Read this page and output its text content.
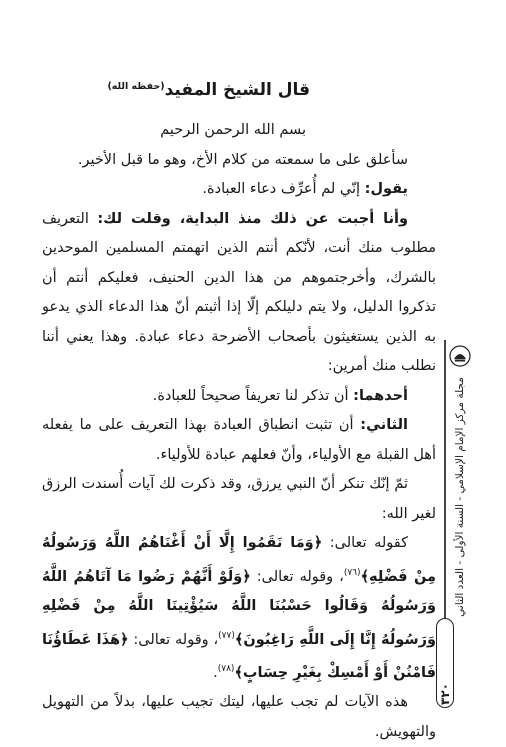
قال الشيخ المفيد$^{(حفظه الله)}$

بسم الله الرحمن الرحيم

سأعلق على ما سمعته من كلام الأخ، وهو ما قبل الأخير.

يقول: إنّي لم أُعرِّف دعاء العبادة.

وأنا أجبت عن ذلك منذ البداية، وقلت لك: التعريف مطلوب منك أنت، لأنّكم أنتم الذين اتهمتم المسلمين الموحدين بالشرك، وأخرجتموهم من هذا الدين الحنيف، فعليكم أنتم أن تذكروا الدليل، ولا يتم دليلكم إلّا إذا أثبتم أنّ هذا الدعاء الذي يدعو به الذين يستغيثون بأصحاب الأضرحة دعاء عبادة. وهذا يعني أننا نطلب منك أمرين:

أحدهما: أن تذكر لنا تعريفاً صحيحاً للعبادة.

الثاني: أن تثبت انطباق العبادة بهذا التعريف على ما يفعله أهل القبلة مع الأولياء، وأنّ فعلهم عبادة للأولياء.

ثمّ إنّك تنكر أنّ النبي يرزق، وقد ذكرت لك آيات أُسندت الرزق لغير الله:

كقوله تعالى: ﴿وَمَا نَقَمُوا إِلَّا أَنْ أَغْنَاهُمُ اللَّهُ وَرَسُولُهُ مِنْ فَضْلِهِ﴾$^{(٧٦)}$، وقوله تعالى: ﴿وَلَوْ أَنَّهُمْ رَضُوا مَا آتَاهُمُ اللَّهُ وَرَسُولُهُ وَقَالُوا حَسْبُنَا اللَّهُ سَيُؤْتِينَا اللَّهُ مِنْ فَضْلِهِ وَرَسُولُهُ إِنَّا إِلَى اللَّهِ رَاغِبُونَ﴾$^{(٧٧)}$، وقوله تعالى: ﴿هَذَا عَطَاؤُنَا فَامْنُنْ أَوْ أَمْسِكْ بِغَيْرِ حِسَابٍ﴾$^{(٧٨)}$.

هذه الآيات لم تجب عليها، ليتك تجيب عليها، بدلاً من التهويل والتهويش.

مجلة مركز الإمام الإسلامي - السنة الأولى - العدد الثاني
٣٢٠
